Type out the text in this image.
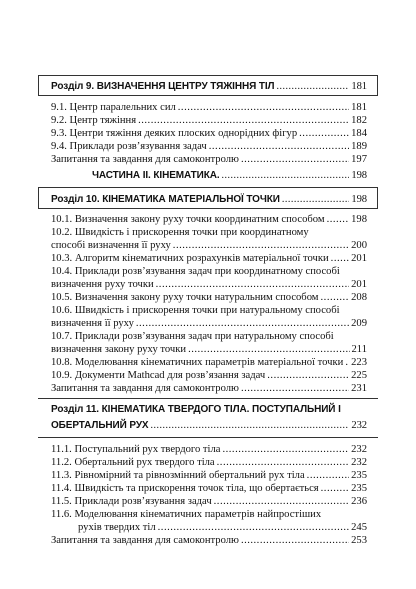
Розділ 9. ВИЗНАЧЕННЯ ЦЕНТРУ ТЯЖІННЯ ТІЛ .....	181
9.1. Центр паралельних сил .....	181
9.2. Центр тяжіння .....	182
9.3. Центри тяжіння деяких плоских однорідних фігур .....	184
9.4. Приклади розв’язування задач .....	189
Запитання та завдання для самоконтролю .....	197
ЧАСТИНА ІІ. КІНЕМАТИКА. .....	198
Розділ 10. КІНЕМАТИКА МАТЕРІАЛЬНОЇ ТОЧКИ .....	198
10.1. Визначення закону руху точки координатним способом .....	198
10.2. Швидкість і прискорення точки при координатному
способі визначення її руху .....	200
10.3. Алгоритм кінематичних розрахунків матеріальної точки ..... 201
10.4. Приклади розв’язування задач при координатному способі
визначення руху точки .....	201
10.5. Визначення закону руху точки натуральним способом .....	208
10.6. Швидкість і прискорення точки при натуральному способі
визначення її руху .....	209
10.7. Приклади розв’язування задач при натуральному способі
визначення закону руху точки .....	211
10.8. Моделювання кінематичних параметрів матеріальної точки ..... 223
10.9. Документи Mathcad для розв’язання задач .....	225
Запитання та завдання для самоконтролю .....	231
Розділ 11. КІНЕМАТИКА ТВЕРДОГО ТІЛА. ПОСТУПАЛЬНИЙ І
ОБЕРТАЛЬНИЙ РУХ .....	232
11.1. Поступальний рух твердого тіла .....	232
11.2. Обертальний рух твердого тіла .....	232
11.3. Рівномірний та рівнозмінний обертальний рух тіла .....	235
11.4. Швидкість та прискорення точок тіла, що обертається .....	235
11.5. Приклади розв’язування задач .....	236
11.6. Моделювання кінематичних параметрів найпростіших
рухів твердих тіл .....	245
Запитання та завдання для самоконтролю .....	253
